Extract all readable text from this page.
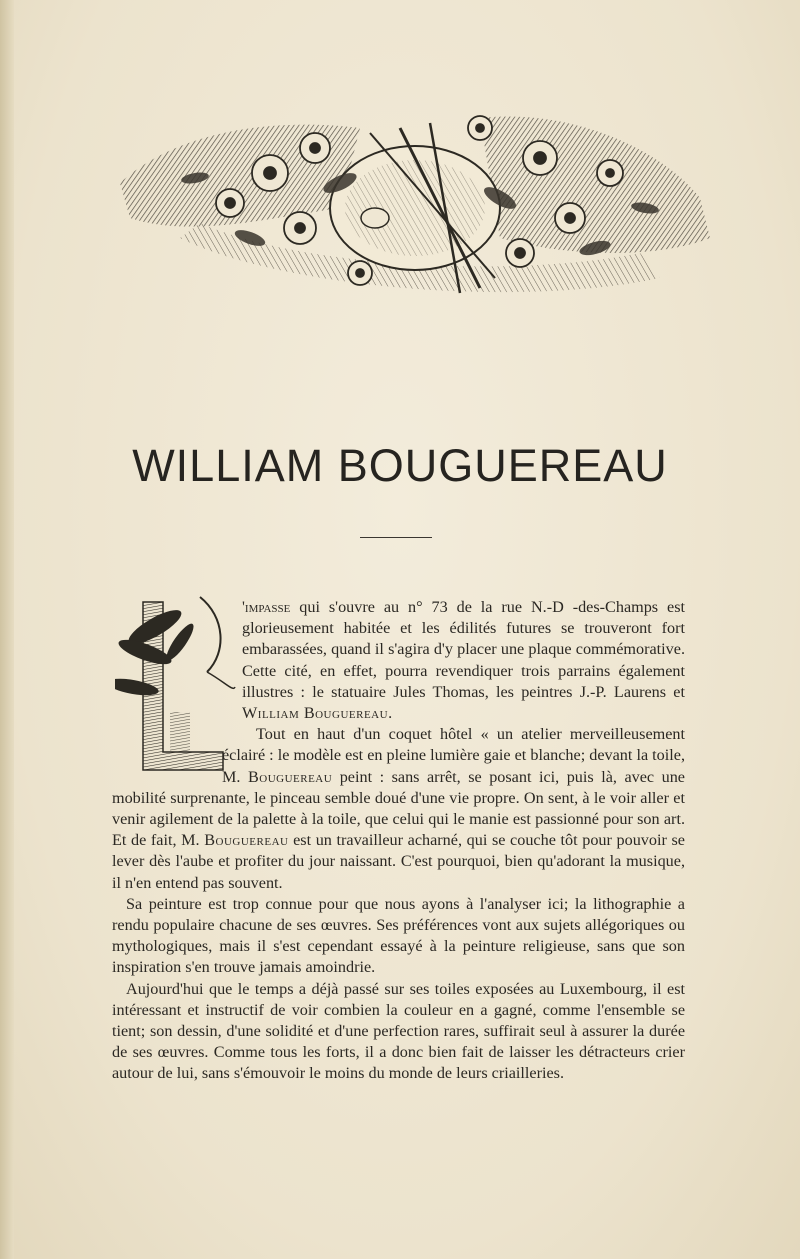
WILLIAM BOUGUEREAU

'impasse qui s'ouvre au n° 73 de la rue N.-D -des-Champs est glorieusement habitée et les édilités futures se trouveront fort embarassées, quand il s'agira d'y placer une plaque commémorative. Cette cité, en effet, pourra revendiquer trois parrains également illustres : le statuaire Jules Thomas, les peintres J.-P. Laurens et William Bouguereau.

Tout en haut d'un coquet hôtel « un atelier merveilleusement éclairé : le modèle est en pleine lumière gaie et blanche; devant la toile, M. Bouguereau peint : sans arrêt, se posant ici, puis là, avec une mobilité surprenante, le pinceau semble doué d'une vie propre. On sent, à le voir aller et venir agilement de la palette à la toile, que celui qui le manie est passionné pour son art. Et de fait, M. Bouguereau est un travailleur acharné, qui se couche tôt pour pouvoir se lever dès l'aube et profiter du jour naissant. C'est pourquoi, bien qu'adorant la musique, il n'en entend pas souvent.

Sa peinture est trop connue pour que nous ayons à l'analyser ici; la lithographie a rendu populaire chacune de ses œuvres. Ses préférences vont aux sujets allégoriques ou mythologiques, mais il s'est cependant essayé à la peinture religieuse, sans que son inspiration s'en trouve jamais amoindrie.

Aujourd'hui que le temps a déjà passé sur ses toiles exposées au Luxembourg, il est intéressant et instructif de voir combien la couleur en a gagné, comme l'ensemble se tient; son dessin, d'une solidité et d'une perfection rares, suffirait seul à assurer la durée de ses œuvres. Comme tous les forts, il a donc bien fait de laisser les détracteurs crier autour de lui, sans s'émouvoir le moins du monde de leurs criailleries.
